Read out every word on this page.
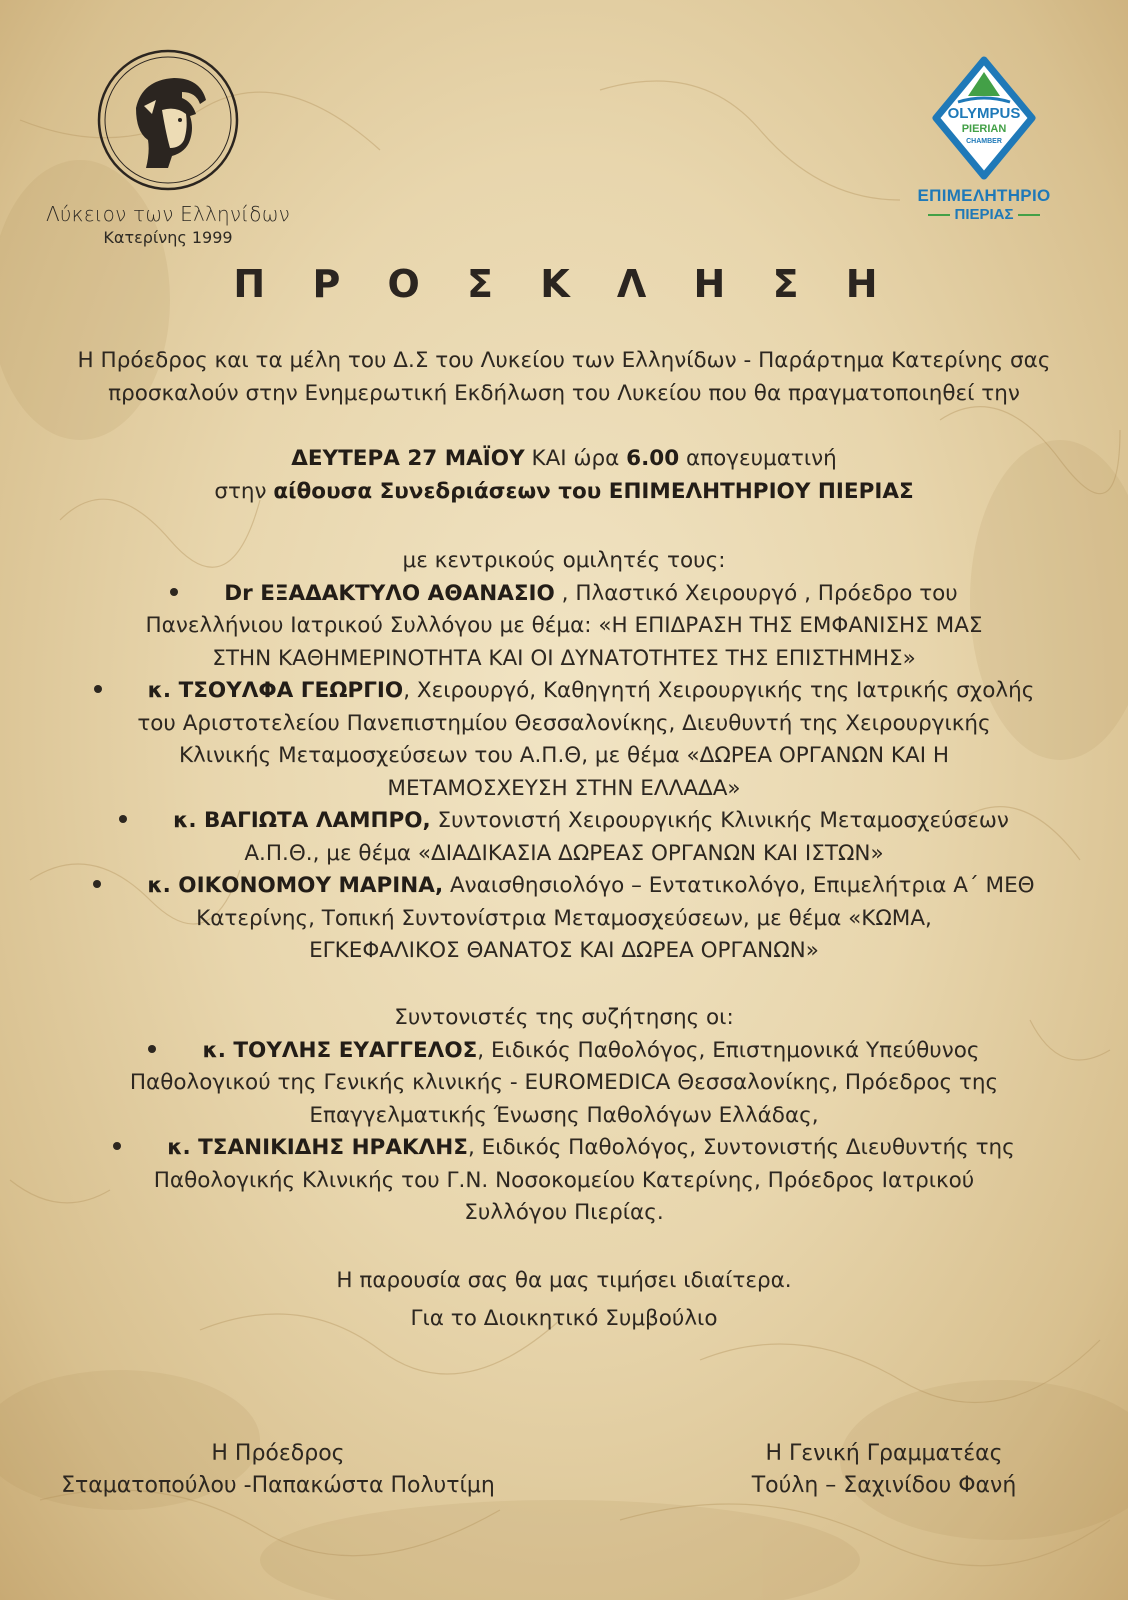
Λύκειον των Ελληνίδων
Κατερίνης 1999
OLYMPUS
PIERIAN
CHAMBER
ΕΠΙΜΕΛΗΤΗΡΙΟ
ΠΙΕΡΙΑΣ
Π Ρ Ο Σ Κ Λ Η Σ Η
Η Πρόεδρος και τα μέλη του Δ.Σ του Λυκείου των Ελληνίδων - Παράρτημα Κατερίνης σας
προσκαλούν στην Ενημερωτική Εκδήλωση του Λυκείου που θα πραγματοποιηθεί την
ΔΕΥΤΕΡΑ 27 ΜΑΪΟΥ ΚΑΙ ώρα 6.00 απογευματινή
στην αίθουσα Συνεδριάσεων του ΕΠΙΜΕΛΗΤΗΡΙΟΥ ΠΙΕΡΙΑΣ
με κεντρικούς ομιλητές τους:
Dr ΕΞΑΔΑΚΤΥΛΟ ΑΘΑΝΑΣΙΟ , Πλαστικό Χειρουργό , Πρόεδρο του
Πανελλήνιου Ιατρικού Συλλόγου με θέμα: «Η ΕΠΙΔΡΑΣΗ ΤΗΣ ΕΜΦΑΝΙΣΗΣ ΜΑΣ
ΣΤΗΝ ΚΑΘΗΜΕΡΙΝΟΤΗΤΑ ΚΑΙ ΟΙ ΔΥΝΑΤΟΤΗΤΕΣ ΤΗΣ ΕΠΙΣΤΗΜΗΣ»
κ. ΤΣΟΥΛΦΑ ΓΕΩΡΓΙΟ, Χειρουργό, Καθηγητή Χειρουργικής της Ιατρικής σχολής
του Αριστοτελείου Πανεπιστημίου Θεσσαλονίκης, Διευθυντή της Χειρουργικής
Κλινικής Μεταμοσχεύσεων του Α.Π.Θ, με θέμα «ΔΩΡΕΑ ΟΡΓΑΝΩΝ ΚΑΙ Η
ΜΕΤΑΜΟΣΧΕΥΣΗ ΣΤΗΝ ΕΛΛΑΔΑ»
κ. ΒΑΓΙΩΤΑ ΛΑΜΠΡΟ, Συντονιστή Χειρουργικής Κλινικής Μεταμοσχεύσεων
Α.Π.Θ., με θέμα «ΔΙΑΔΙΚΑΣΙΑ ΔΩΡΕΑΣ ΟΡΓΑΝΩΝ ΚΑΙ ΙΣΤΩΝ»
κ. ΟΙΚΟΝΟΜΟΥ ΜΑΡΙΝΑ, Αναισθησιολόγο – Εντατικολόγο, Επιμελήτρια Α΄ ΜΕΘ
Κατερίνης, Τοπική Συντονίστρια Μεταμοσχεύσεων, με θέμα «ΚΩΜΑ,
ΕΓΚΕΦΑΛΙΚΟΣ ΘΑΝΑΤΟΣ ΚΑΙ ΔΩΡΕΑ ΟΡΓΑΝΩΝ»
Συντονιστές της συζήτησης οι:
κ. ΤΟΥΛΗΣ ΕΥΑΓΓΕΛΟΣ, Ειδικός Παθολόγος, Επιστημονικά Υπεύθυνος
Παθολογικού της Γενικής κλινικής - EUROMEDICA Θεσσαλονίκης, Πρόεδρος της
Επαγγελματικής Ένωσης Παθολόγων Ελλάδας,
κ. ΤΣΑΝΙΚΙΔΗΣ ΗΡΑΚΛΗΣ, Ειδικός Παθολόγος, Συντονιστής Διευθυντής της
Παθολογικής Κλινικής του Γ.Ν. Νοσοκομείου Κατερίνης, Πρόεδρος Ιατρικού
Συλλόγου Πιερίας.
Η παρουσία σας θα μας τιμήσει ιδιαίτερα.
Για το Διοικητικό Συμβούλιο
Η Πρόεδρος
Σταματοπούλου -Παπακώστα Πολυτίμη
Η Γενική Γραμματέας
Τούλη – Σαχινίδου Φανή
